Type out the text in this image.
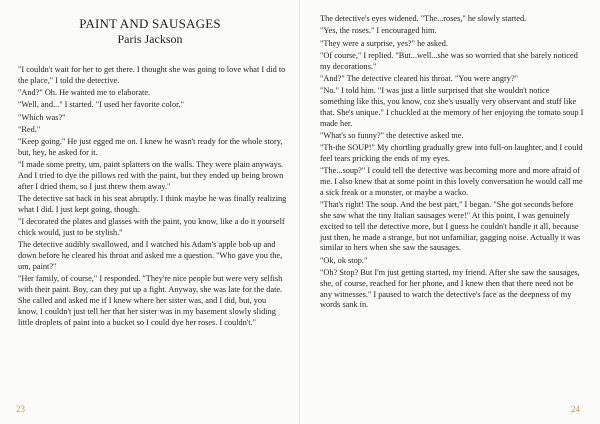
PAINT AND SAUSAGES
Paris Jackson

"I couldn't wait for her to get there. I thought she was going to love what I did to the place," I told the detective.

"And?" Oh. He wanted me to elaborate.

"Well, and..." I started. "I used her favorite color."

"Which was?"

"Red."

"Keep going." He just egged me on. I knew he wasn't ready for the whole story, but, hey, he asked for it.

"I made some pretty, um, paint splatters on the walls. They were plain anyways. And I tried to dye the pillows red with the paint, but they ended up being brown after I dried them, so I just threw them away."

The detective sat back in his seat abruptly. I think maybe he was finally realizing what I did. I just kept going, though.

"I decorated the plates and glasses with the paint, you know, like a do it yourself chick would, just to be stylish."

The detective audibly swallowed, and I watched his Adam's apple bob up and down before he cleared his throat and asked me a question. "Who gave you the, um, paint?"

"Her family, of course," I responded. "They're nice people but were very selfish with their paint. Boy, can they put up a fight. Anyway, she was late for the date. She called and asked me if I knew where her sister was, and I did, but, you know, I couldn't just tell her that her sister was in my basement slowly sliding little droplets of paint into a bucket so I could dye her roses. I couldn't."

23

The detective's eyes widened. "The...roses," he slowly started.

"Yes, the roses." I encouraged him.

"They were a surprise, yes?" he asked.

"Of course," I replied. "But...well...she was so worried that she barely noticed my decorations."

"And?" The detective cleared his throat. "You were angry?"

"No." I told him. "I was just a little surprised that she wouldn't notice something like this, you know, coz she's usually very observant and stuff like that. She's unique." I chuckled at the memory of her enjoying the tomato soup I made her.

"What's so funny?" the detective asked me.

"Th-the SOUP!" My chortling gradually grew into full-on laughter, and I could feel tears pricking the ends of my eyes.

"The...soup?" I could tell the detective was becoming more and more afraid of me. I also knew that at some point in this lovely conversation he would call me a sick freak or a monster, or maybe a wacko.

"That's right! The soup. And the best part," I began. "She got seconds before she saw what the tiny Italian sausages were!" At this point, I was genuinely excited to tell the detective more, but I guess he couldn't handle it all, because just then, he made a strange, but not unfamiliar, gagging noise. Actually it was similar to hers when she saw the sausages.

"Ok, ok stop."

"Oh? Stop? But I'm just getting started, my friend. After she saw the sausages, she, of course, reached for her phone, and I knew then that there need not be any witnesses." I paused to watch the detective's face as the deepness of my words sank in.

24
